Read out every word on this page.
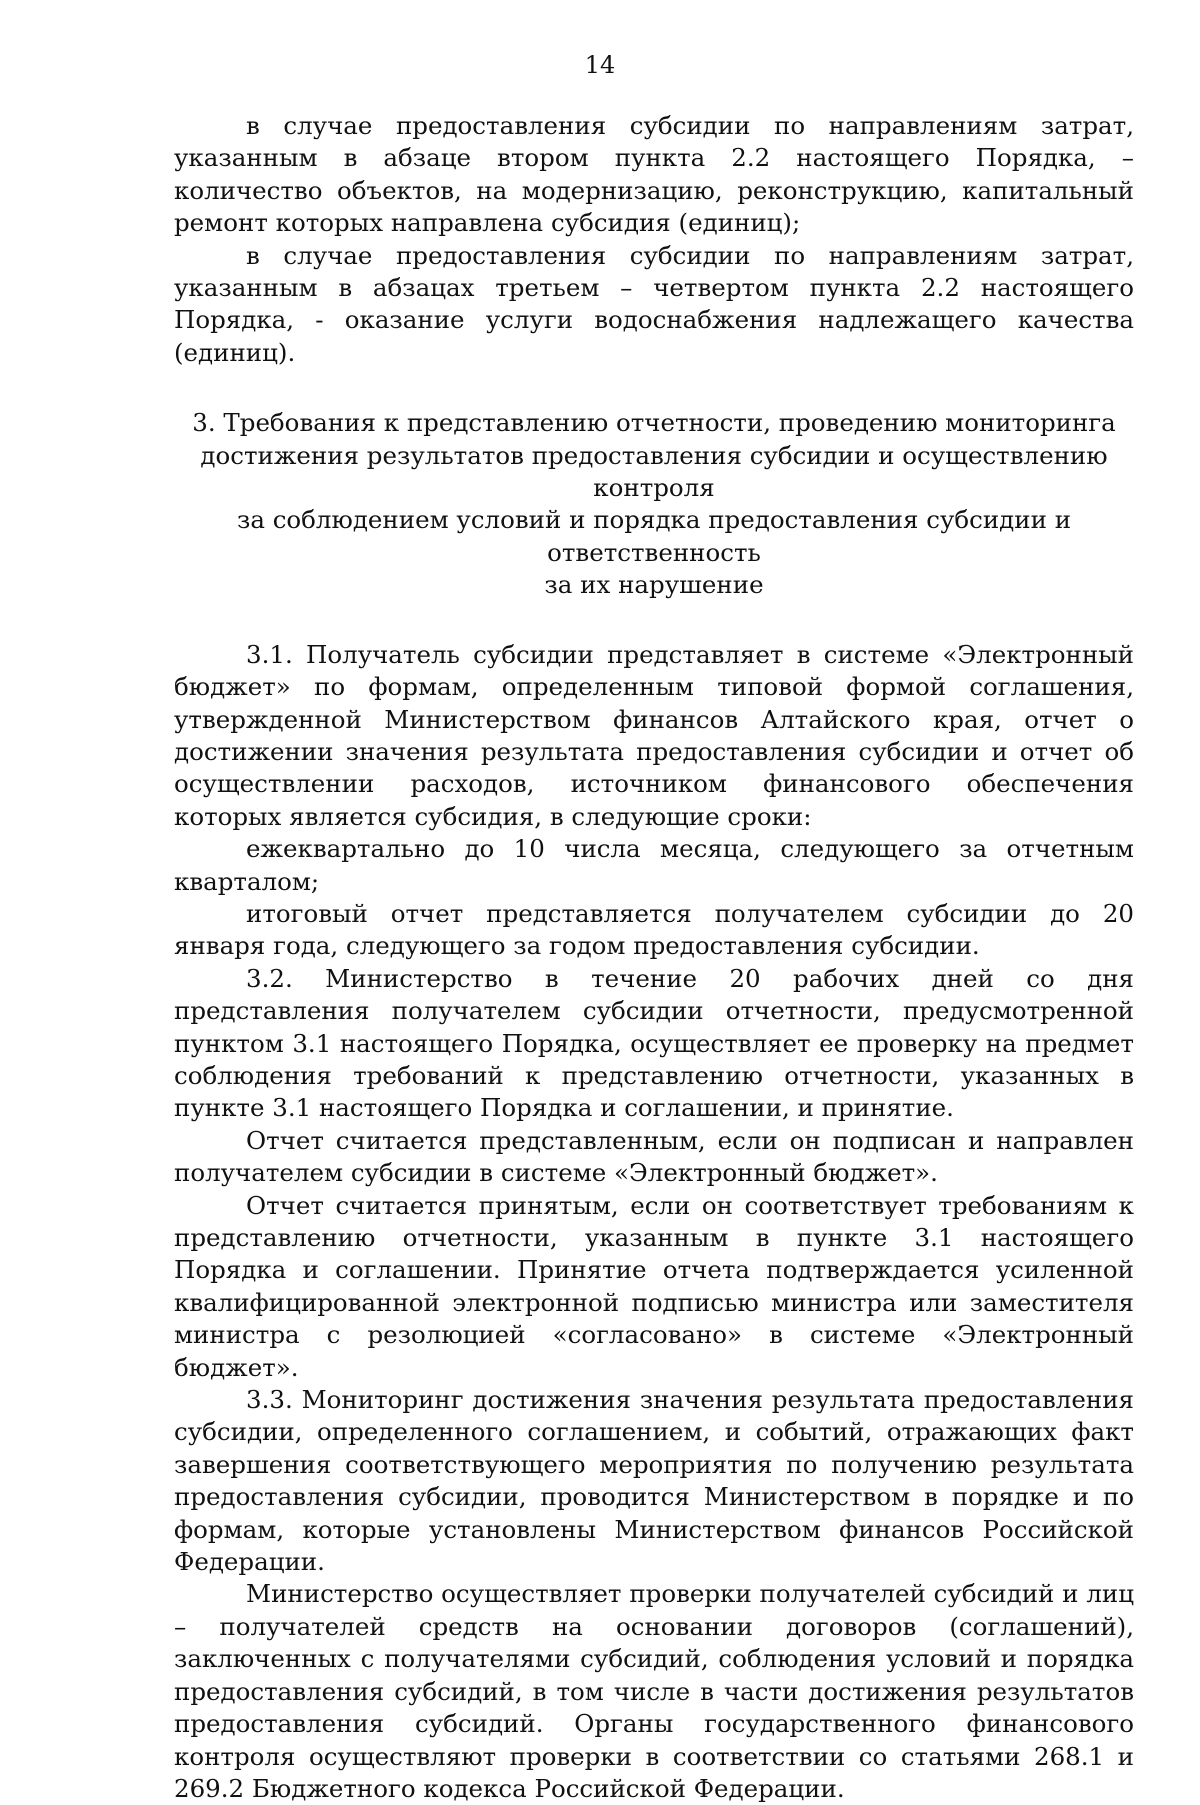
14

в случае предоставления субсидии по направлениям затрат, указанным в абзаце втором пункта 2.2 настоящего Порядка, – количество объектов, на модернизацию, реконструкцию, капитальный ремонт которых направлена субсидия (единиц);

в случае предоставления субсидии по направлениям затрат, указанным в абзацах третьем – четвертом пункта 2.2 настоящего Порядка, - оказание услуги водоснабжения надлежащего качества (единиц).

3. Требования к представлению отчетности, проведению мониторинга
достижения результатов предоставления субсидии и осуществлению контроля
за соблюдением условий и порядка предоставления субсидии и ответственность
за их нарушение

3.1. Получатель субсидии представляет в системе «Электронный бюджет» по формам, определенным типовой формой соглашения, утвержденной Министерством финансов Алтайского края, отчет о достижении значения результата предоставления субсидии и отчет об осуществлении расходов, источником финансового обеспечения которых является субсидия, в следующие сроки:

ежеквартально до 10 числа месяца, следующего за отчетным кварталом;

итоговый отчет представляется получателем субсидии до 20 января года, следующего за годом предоставления субсидии.

3.2. Министерство в течение 20 рабочих дней со дня представления получателем субсидии отчетности, предусмотренной пунктом 3.1 настоящего Порядка, осуществляет ее проверку на предмет соблюдения требований к представлению отчетности, указанных в пункте 3.1 настоящего Порядка и соглашении, и принятие.

Отчет считается представленным, если он подписан и направлен получателем субсидии в системе «Электронный бюджет».

Отчет считается принятым, если он соответствует требованиям к представлению отчетности, указанным в пункте 3.1 настоящего Порядка и соглашении. Принятие отчета подтверждается усиленной квалифицированной электронной подписью министра или заместителя министра с резолюцией «согласовано» в системе «Электронный бюджет».

3.3. Мониторинг достижения значения результата предоставления субсидии, определенного соглашением, и событий, отражающих факт завершения соответствующего мероприятия по получению результата предоставления субсидии, проводится Министерством в порядке и по формам, которые установлены Министерством финансов Российской Федерации.

Министерство осуществляет проверки получателей субсидий и лиц – получателей средств на основании договоров (соглашений), заключенных с получателями субсидий, соблюдения условий и порядка предоставления субсидий, в том числе в части достижения результатов предоставления субсидий. Органы государственного финансового контроля осуществляют проверки в соответствии со статьями 268.1 и 269.2 Бюджетного кодекса Российской Федерации.
